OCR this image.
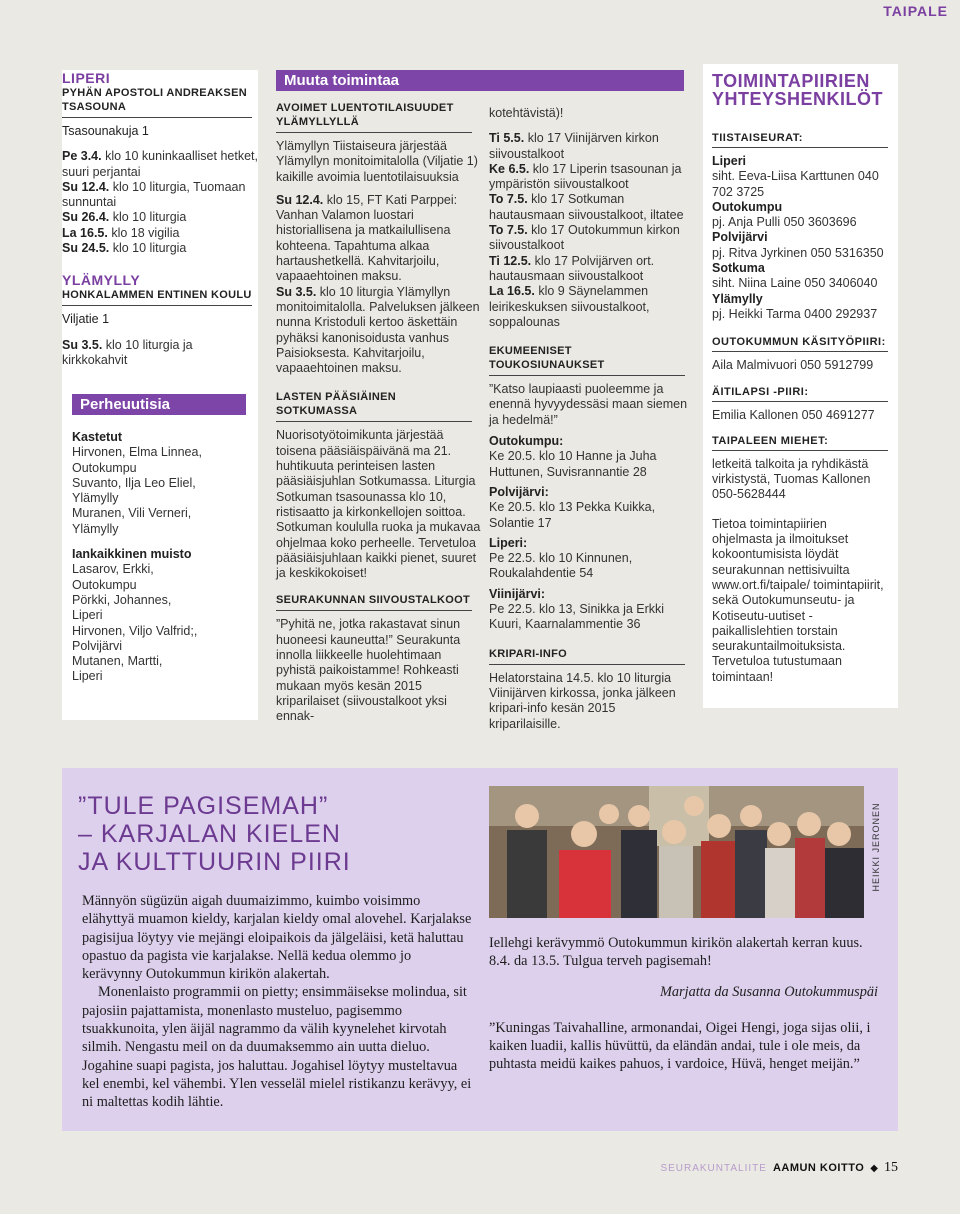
TAIPALE
LIPERI
PYHÄN APOSTOLI ANDREAKSEN TSASOUNA
Tsasounakuja 1
Pe 3.4. klo 10 kuninkaalliset hetket, suuri perjantai
Su 12.4. klo 10 liturgia, Tuomaan sunnuntai
Su 26.4. klo 10 liturgia
La 16.5. klo 18 vigilia
Su 24.5. klo 10 liturgia
YLÄMYLLY
HONKALAMMEN ENTINEN KOULU
Viljatie 1
Su 3.5. klo 10 liturgia ja kirkkokahvit
Perheuutisia
Kastetut
Hirvonen, Elma Linnea,
Outokumpu
Suvanto, Ilja Leo Eliel,
Ylämylly
Muranen, Vili Verneri,
Ylämylly
Iankaikkinen muisto
Lasarov, Erkki,
Outokumpu
Pörkki, Johannes,
Liperi
Hirvonen, Viljo Valfrid;,
Polvijärvi
Mutanen, Martti,
Liperi
Muuta toimintaa
AVOIMET LUENTOTILAISUUDET YLÄMYLLYLLÄ
Ylämyllyn Tiistaiseura järjestää Ylämyllyn monitoimitalolla (Viljatie 1) kaikille avoimia luentotilaisuuksia
Su 12.4. klo 15, FT Kati Parppei: Vanhan Valamon luostari historiallisena ja matkailullisena kohteena. Tapahtuma alkaa hartaushetkellä. Kahvitarjoilu, vapaaehtoinen maksu.
Su 3.5. klo 10 liturgia Ylämyllyn monitoimitalolla. Palveluksen jälkeen nunna Kristoduli kertoo äskettäin pyhäksi kanonisoidusta vanhus Paisioksesta. Kahvitarjoilu, vapaaehtoinen maksu.
LASTEN PÄÄSIÄINEN SOTKUMASSA
Nuorisotyötoimikunta järjestää toisena pääsiäispäivänä ma 21. huhtikuuta perinteisen lasten pääsiäisjuhlan Sotkumassa. Liturgia Sotkuman tsasounassa klo 10, ristisaatto ja kirkonkellojen soittoa. Sotkuman koululla ruoka ja mukavaa ohjelmaa koko perheelle. Tervetuloa pääsiäisjuhlaan kaikki pienet, suuret ja keskikokoiset!
SEURAKUNNAN SIIVOUSTALKOOT
”Pyhitä ne, jotka rakastavat sinun huoneesi kauneutta!” Seurakunta innolla liikkeelle huolehtimaan pyhistä paikoistamme! Rohkeasti mukaan myös kesän 2015 kriparilaiset (siivoustalkoot yksi ennak-
kotehtävistä)!
Ti 5.5. klo 17 Viinijärven kirkon siivoustalkoot
Ke 6.5. klo 17 Liperin tsasounan ja ympäristön siivoustalkoot
To 7.5. klo 17 Sotkuman hautausmaan siivoustalkoot, iltatee
To 7.5. klo 17 Outokummun kirkon siivoustalkoot
Ti 12.5. klo 17 Polvijärven ort. hautausmaan siivoustalkoot
La 16.5. klo 9 Säynelammen leirikeskuksen siivoustalkoot, soppalounas
EKUMEENISET TOUKOSIUNAUKSET
”Katso laupiaasti puoleemme ja enennä hyvyydessäsi maan siemen ja hedelmä!”
Outokumpu:
Ke 20.5. klo 10 Hanne ja Juha Huttunen, Suvisrannantie 28
Polvijärvi:
Ke 20.5. klo 13 Pekka Kuikka, Solantie 17
Liperi:
Pe 22.5. klo 10 Kinnunen, Roukalahdentie 54
Viinijärvi:
Pe 22.5. klo 13, Sinikka ja Erkki Kuuri, Kaarnalammentie 36
KRIPARI-INFO
Helatorstaina 14.5. klo 10 liturgia Viinijärven kirkossa, jonka jälkeen kripari-info kesän 2015 kriparilaisille.
TOIMINTAPIIRIEN
YHTEYSHENKILÖT
TIISTAISEURAT:
Liperi
siht. Eeva-Liisa Karttunen 040 702 3725
Outokumpu
pj. Anja Pulli 050 3603696
Polvijärvi
pj. Ritva Jyrkinen 050 5316350
Sotkuma
siht. Niina Laine 050 3406040
Ylämylly
pj. Heikki Tarma 0400 292937
OUTOKUMMUN KÄSITYÖPIIRI:
Aila Malmivuori 050 5912799
ÄITILAPSI -PIIRI:
Emilia Kallonen 050 4691277
TAIPALEEN MIEHET:
letkeitä talkoita ja ryhdikästä virkistystä, Tuomas Kallonen 050-5628444
Tietoa toimintapiirien ohjelmasta ja ilmoitukset kokoontumisista löydät seurakunnan nettisivuilta www.ort.fi/taipale/ toimintapiirit, sekä Outokumunseutu- ja Kotiseutu-uutiset -paikallislehtien torstain seurakuntailmoituksista. Tervetuloa tutustumaan toimintaan!
”TULE PAGISEMAH”
– KARJALAN KIELEN
JA KULTTUURIN PIIRI
Männyön sügüzün aigah duumaizimmo, kuimbo voisimmo elähyttyä muamon kieldy, karjalan kieldy omal alovehel. Karjalakse pagisijua löytyy vie mejängi eloipaikois da jälgeläisi, ketä haluttau opastuo da pagista vie karjalakse. Nellä keduа olemmo jo kerävynny Outokummun kirikön alakertah.
Monenlaisto programmii on pietty; ensimmäiseksе molindua, sit pajosiin pajattamista, monenlasto musteluo, pagisemmo tsuakkunoita, ylen äijäl nagrammo da välih kyynelehet kirvotah silmih. Nengastu meil on da duumaksemmo ain uutta dieluo. Jogahine suapi pagista, jos haluttau. Jogahisel löytyy musteltavua kel enembi, kel vähembi. Ylen vesseläl mielel ristikanzu kerävyy, ei ni maltettas kodih lähtie.
HEIKKI JERONEN
Iellehgi kerävymmö Outokummun kirikön alakertah kerran kuus.
8.4. da 13.5. Tulgua terveh pagisemah!
Marjatta da Susanna Outokummuspäi
”Kuningas Taivahalline, armonandai, Oigei Hengi, joga sijas olii, i kaiken luadii, kallis hüvüttü, da eländän andai, tule i ole meis, da puhtasta meidü kaikes pahuos, i vardoice, Hüvä, henget meijän.”
SEURAKUNTALIITE AAMUN KOITTO ◆ 15
